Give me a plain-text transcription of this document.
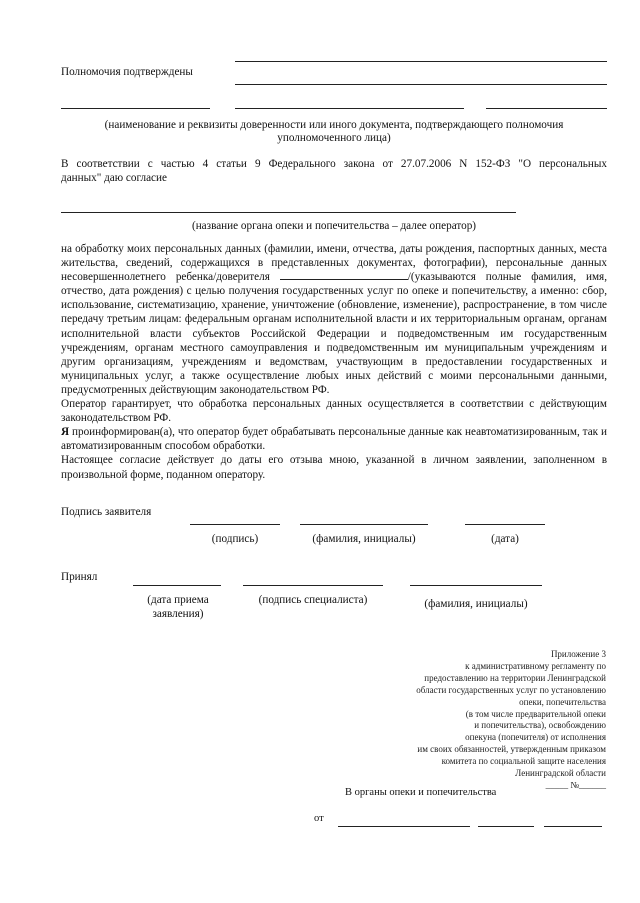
Полномочия подтверждены
(наименование и реквизиты доверенности или иного документа, подтверждающего полномочия
уполномоченного лица)
В соответствии с частью 4 статьи 9 Федерального закона от 27.07.2006 N 152-ФЗ "О персональных
данных" даю согласие
(название органа опеки и попечительства – далее оператор)

на обработку моих персональных данных (фамилии, имени, отчества, даты рождения, паспортных данных, места жительства, сведений, содержащихся в представленных документах, фотографии), персональные данных несовершеннолетнего ребенка/доверителя	/(указываются полные фамилия, имя, отчество, дата рождения) с целью получения государственных услуг по опеке и попечительству, а именно: сбор, использование, систематизацию, хранение, уничтожение (обновление, изменение), распространение, в том числе передачу третьим лицам: федеральным органам исполнительной власти и их территориальным органам, органам исполнительной власти субъектов Российской Федерации и подведомственным им государственным учреждениям, органам местного самоуправления и подведомственным им муниципальным учреждениям и другим организациям, учреждениям и ведомствам, участвующим в предоставлении государственных и муниципальных услуг, а также осуществление любых иных действий с моими персональными данными, предусмотренных действующим законодательством РФ.

Оператор гарантирует, что обработка персональных данных осуществляется в соответствии с действующим законодательством РФ.

Я проинформирован(а), что оператор будет обрабатывать персональные данные как неавтоматизированным, так и автоматизированным способом обработки.

Настоящее согласие действует до даты его отзыва мною, указанной в личном заявлении, заполненном в произвольной форме, поданном оператору.

Подпись заявителя
(подпись)	(фамилия, инициалы)	(дата)
Принял
(дата приема
заявления)
(подпись специалиста)	(фамилия, инициалы)
Приложение 3
к административному регламенту по
предоставлению на территории Ленинградской
области государственных услуг по установлению
опеки, попечительства
(в том числе предварительной опеки
и попечительства), освобождению
опекуна (попечителя) от исполнения
им своих обязанностей, утвержденным приказом
комитета по социальной защите населения
Ленинградской области
_____ №______
В органы опеки и попечительства
от
